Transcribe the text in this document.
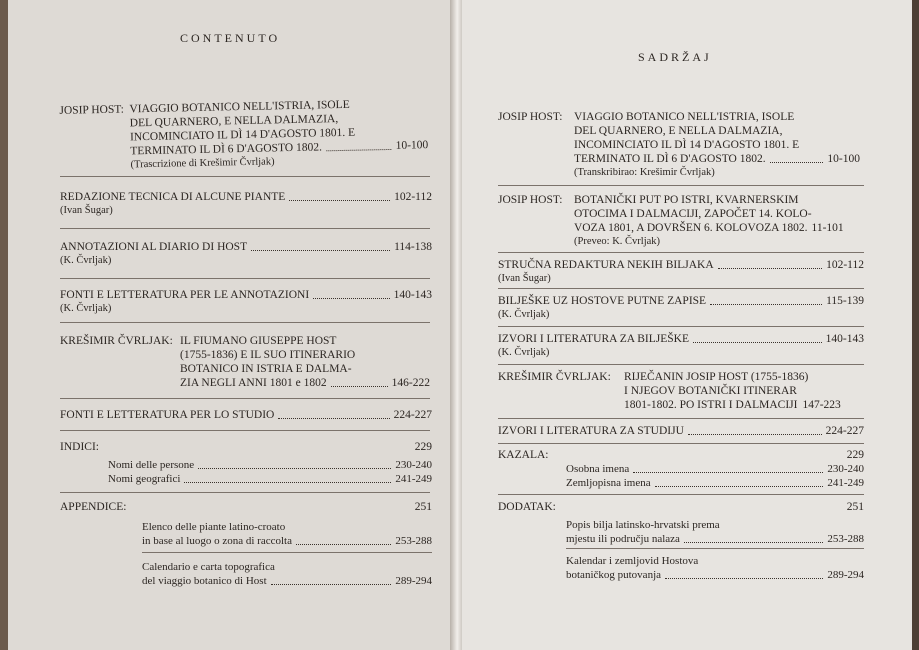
CONTENUTO
JOSIP HOST: VIAGGIO BOTANICO NELL'ISTRIA, ISOLE
DEL QUARNERO, E NELLA DALMAZIA,
INCOMINCIATO IL DÌ 14 D'AGOSTO 1801. E
TERMINATO IL DÌ 6 D'AGOSTO 1802.	10-100
(Trascrizione di Krešimir Čvrljak)
REDAZIONE TECNICA DI ALCUNE PIANTE	102-112
(Ivan Šugar)
ANNOTAZIONI AL DIARIO DI HOST	114-138
(K. Čvrljak)
FONTI E LETTERATURA PER LE ANNOTAZIONI	140-143
(K. Čvrljak)
KREŠIMIR ČVRLJAK: IL FIUMANO GIUSEPPE HOST
(1755-1836) E IL SUO ITINERARIO
BOTANICO IN ISTRIA E DALMA-
ZIA NEGLI ANNI 1801 e 1802	146-222
FONTI E LETTERATURA PER LO STUDIO	224-227
INDICI:	229
Nomi delle persone	230-240
Nomi geografici	241-249
APPENDICE:	251
Elenco delle piante latino-croato
in base al luogo o zona di raccolta	253-288
Calendario e carta topografica
del viaggio botanico di Host	289-294
SADRŽAJ
JOSIP HOST: VIAGGIO BOTANICO NELL'ISTRIA, ISOLE
DEL QUARNERO, E NELLA DALMAZIA,
INCOMINCIATO IL DÌ 14 D'AGOSTO 1801. E
TERMINATO IL DÌ 6 D'AGOSTO 1802.	10-100
(Transkribirao: Krešimir Čvrljak)
JOSIP HOST: BOTANIČKI PUT PO ISTRI, KVARNERSKIM
OTOCIMA I DALMACIJI, ZAPOČET 14. KOLO-
VOZA 1801, A DOVRŠEN 6. KOLOVOZA 1802. 11-101
(Preveo: K. Čvrljak)
STRUČNA REDAKTURA NEKIH BILJAKA	102-112
(Ivan Šugar)
BILJEŠKE UZ HOSTOVE PUTNE ZAPISE	115-139
(K. Čvrljak)
IZVORI I LITERATURA ZA BILJEŠKE	140-143
(K. Čvrljak)
KREŠIMIR ČVRLJAK: RIJEČANIN JOSIP HOST (1755-1836)
I NJEGOV BOTANIČKI ITINERAR
1801-1802. PO ISTRI I DALMACIJI 147-223
IZVORI I LITERATURA ZA STUDIJU	224-227
KAZALA:	229
Osobna imena	230-240
Zemljopisna imena	241-249
DODATAK:	251
Popis bilja latinsko-hrvatski prema
mjestu ili području nalaza	253-288
Kalendar i zemljovid Hostova
botaničkog putovanja	289-294
